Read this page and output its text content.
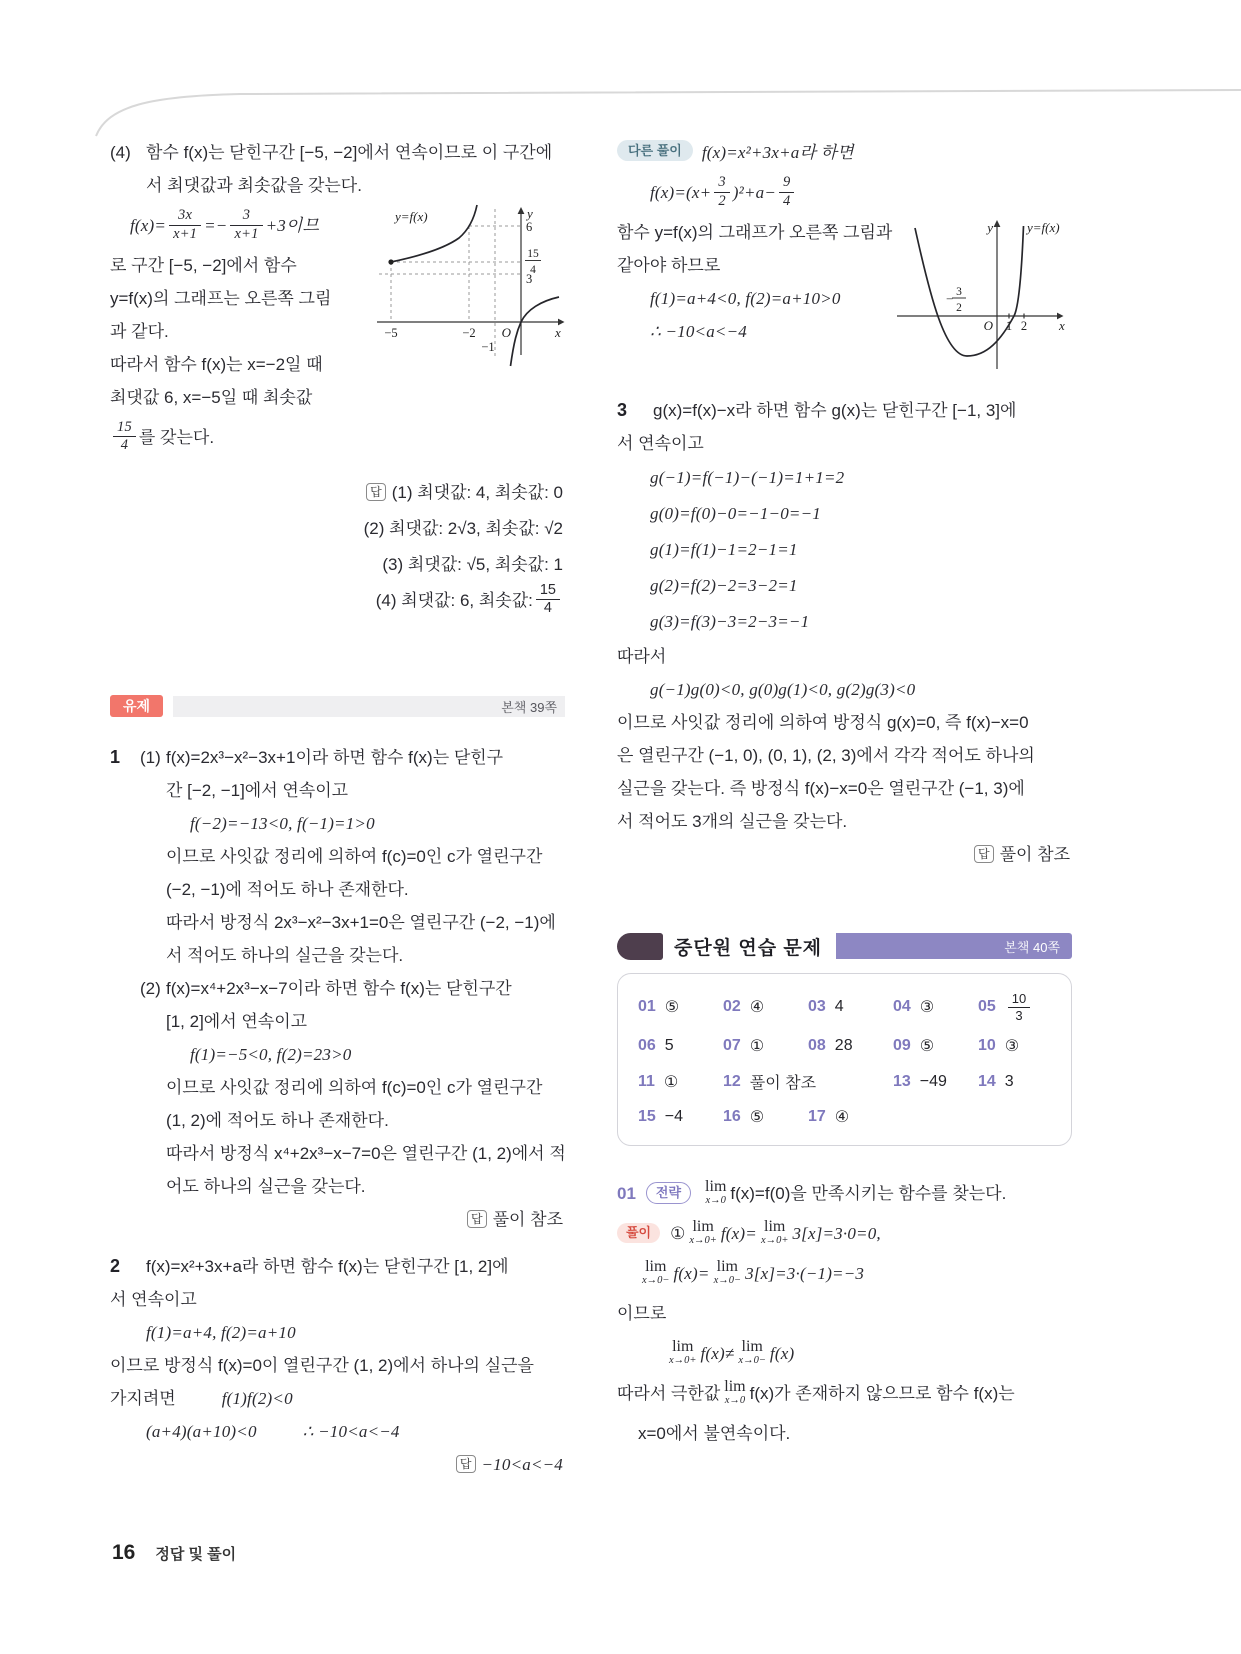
(4) 함수 f(x)는 닫힌구간 [−5, −2]에서 연속이므로 이 구간에
서 최댓값과 최솟값을 갖는다.
y=f(x)	y
6
15
4
3
−5	−2
−1
O	x
$f(x)= \frac{3x}{x+1} =- \frac{3}{x+1} +3$이므
로 구간 [−5, −2]에서 함수
y=f(x)의 그래프는 오른쪽 그림
과 같다.
따라서 함수 f(x)는 x=−2일 때
최댓값 6, x=−5일 때 최솟값
$\frac{15}{4}$ 를 갖는다.
답 (1) 최댓값: 4, 최솟값: 0
(2) 최댓값: 2√3, 최솟값: √2
(3) 최댓값: √5, 최솟값: 1
(4) 최댓값: 6, 최솟값: $\frac{15}{4}$
유제	본책 39쪽
1 (1) f(x)=2x³−x²−3x+1이라 하면 함수 f(x)는 닫힌구
간 [−2, −1]에서 연속이고
f(−2)=−13<0, f(−1)=1>0
이므로 사잇값 정리에 의하여 f(c)=0인 c가 열린구간
(−2, −1)에 적어도 하나 존재한다.
따라서 방정식 2x³−x²−3x+1=0은 열린구간 (−2, −1)에
서 적어도 하나의 실근을 갖는다.
(2) f(x)=x⁴+2x³−x−7이라 하면 함수 f(x)는 닫힌구간
[1, 2]에서 연속이고
f(1)=−5<0, f(2)=23>0
이므로 사잇값 정리에 의하여 f(c)=0인 c가 열린구간
(1, 2)에 적어도 하나 존재한다.
따라서 방정식 x⁴+2x³−x−7=0은 열린구간 (1, 2)에서 적
어도 하나의 실근을 갖는다.
답 풀이 참조
2	f(x)=x²+3x+a라 하면 함수 f(x)는 닫힌구간 [1, 2]에
서 연속이고
f(1)=a+4, f(2)=a+10
이므로 방정식 f(x)=0이 열린구간 (1, 2)에서 하나의 실근을
가지려면	f(1)f(2)<0
(a+4)(a+10)<0	∴ −10<a<−4
답 −10<a<−4
다른 풀이 f(x)=x²+3x+a라 하면
$f(x)=(x+ \frac{3}{2} )^2+a- \frac{9}{4}$
y	y=f(x)
− 3
2
O 1 2 x
함수 y=f(x)의 그래프가 오른쪽 그림과
같아야 하므로
f(1)=a+4<0, f(2)=a+10>0
∴ −10<a<−4
3	g(x)=f(x)−x라 하면 함수 g(x)는 닫힌구간 [−1, 3]에
서 연속이고
g(−1)=f(−1)−(−1)=1+1=2
g(0)=f(0)−0=−1−0=−1
g(1)=f(1)−1=2−1=1
g(2)=f(2)−2=3−2=1
g(3)=f(3)−3=2−3=−1
따라서
g(−1)g(0)<0, g(0)g(1)<0, g(2)g(3)<0
이므로 사잇값 정리에 의하여 방정식 g(x)=0, 즉 f(x)−x=0
은 열린구간 (−1, 0), (0, 1), (2, 3)에서 각각 적어도 하나의
실근을 갖는다. 즉 방정식 f(x)−x=0은 열린구간 (−1, 3)에
서 적어도 3개의 실근을 갖는다.
답 풀이 참조
중단원 연습 문제	본책 40쪽
01 ⑤	02 ④	03 4	04 ③	$05 \frac{10}{3}$
06 5	07 ①	08 28	09 ⑤	10 ③
11 ①	12 풀이 참조	13 −49 14 3
15 −4 16 ⑤	17 ④
01 전략 lim
x→0 f(x)=f(0)을 만족시키는 함수를 찾는다.
풀이 ① lim
x→0+ f(x)= lim
x→0+ 3[x]=3·0=0,
lim
x→0− f(x)= lim
x→0− 3[x]=3·(−1)=−3
이므로
lim
x→0+ f(x)≠ lim
x→0− f(x)
따라서 극한값 lim
x→0 f(x)가 존재하지 않으므로 함수 f(x)는
x=0에서 불연속이다.
16 정답 및 풀이
